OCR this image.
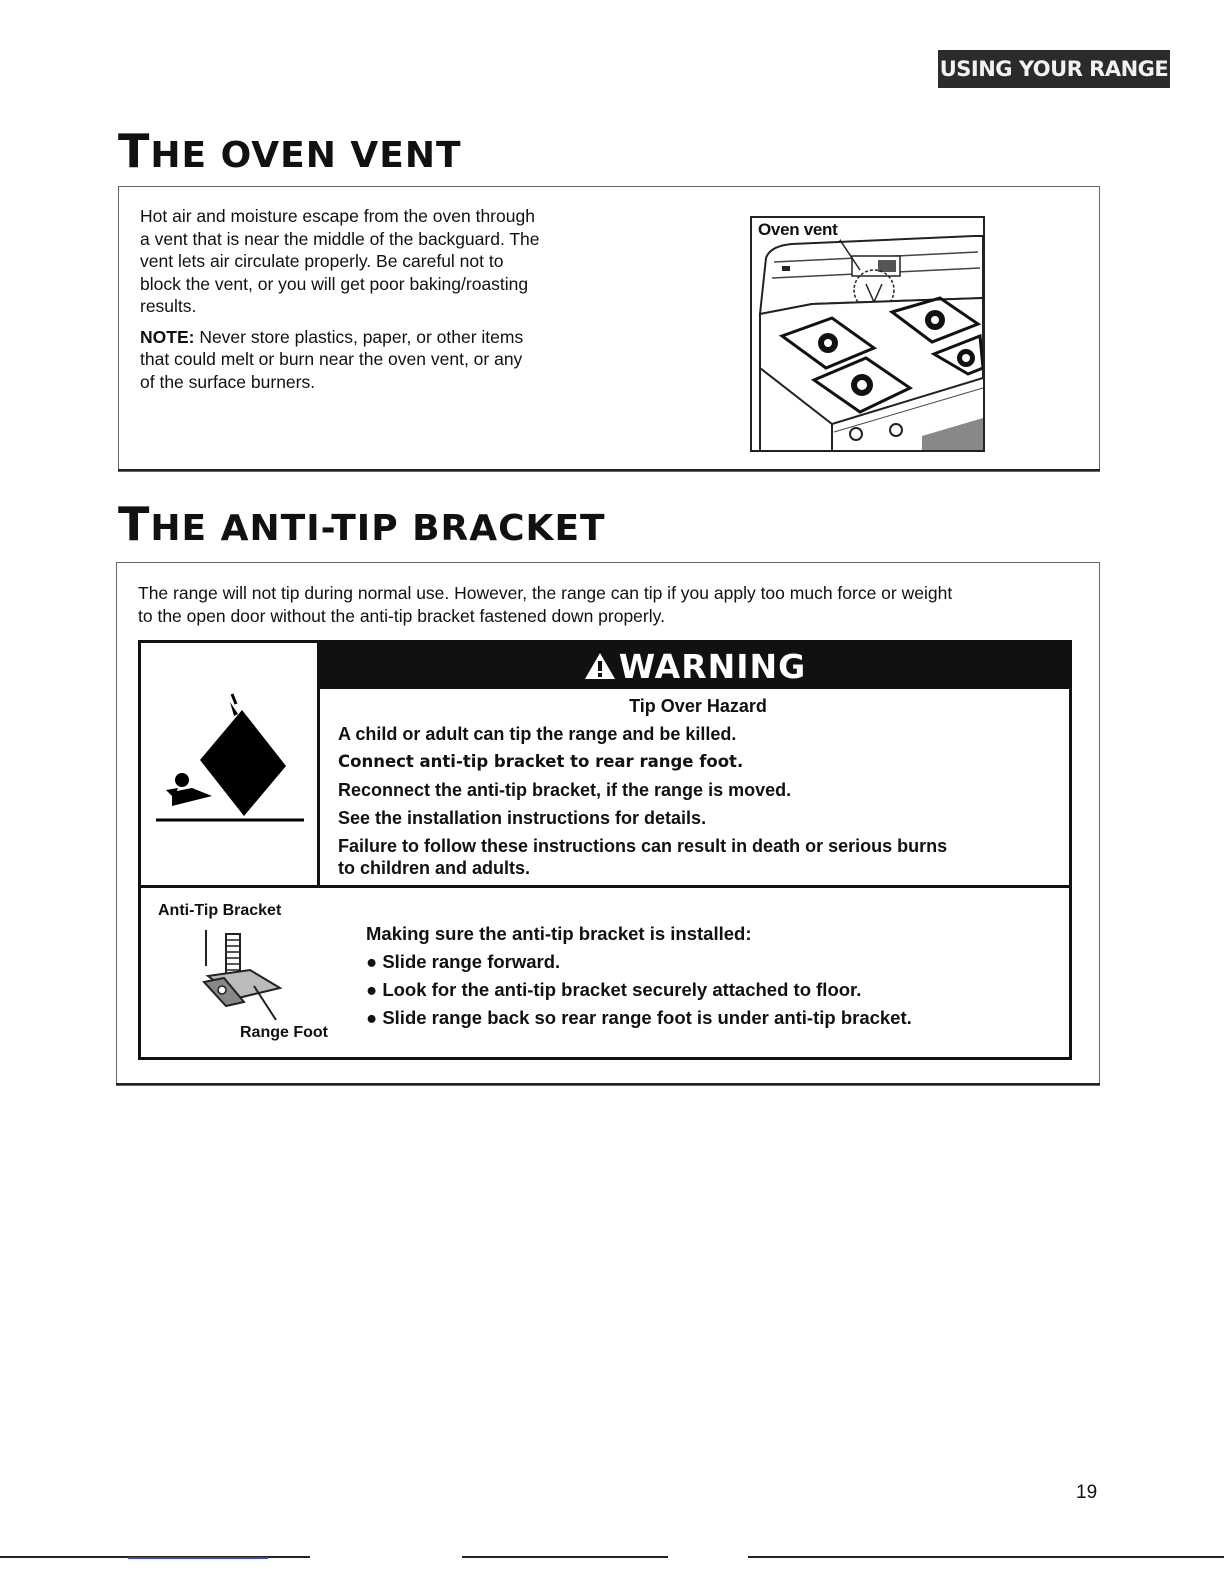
USING YOUR RANGE
THE OVEN VENT

Hot air and moisture escape from the oven through

a vent that is near the middle of the backguard. The

vent lets air circulate properly. Be careful not to

block the vent, or you will get poor baking/roasting

results.

NOTE: Never store plastics, paper, or other items

that could melt or burn near the oven vent, or any

of the surface burners.

Oven vent
THE ANTI-TIP BRACKET

The range will not tip during normal use. However, the range can tip if you apply too much force or weight

to the open door without the anti-tip bracket fastened down properly.

WARNING

Tip Over Hazard

A child or adult can tip the range and be killed.

Connect anti-tip bracket to rear range foot.

Reconnect the anti-tip bracket, if the range is moved.

See the installation instructions for details.

Failure to follow these instructions can result in death or serious burns

to children and adults.

Anti-Tip Bracket
Range Foot

Making sure the anti-tip bracket is installed:

● Slide range forward.

● Look for the anti-tip bracket securely attached to floor.

● Slide range back so rear range foot is under anti-tip bracket.

19
